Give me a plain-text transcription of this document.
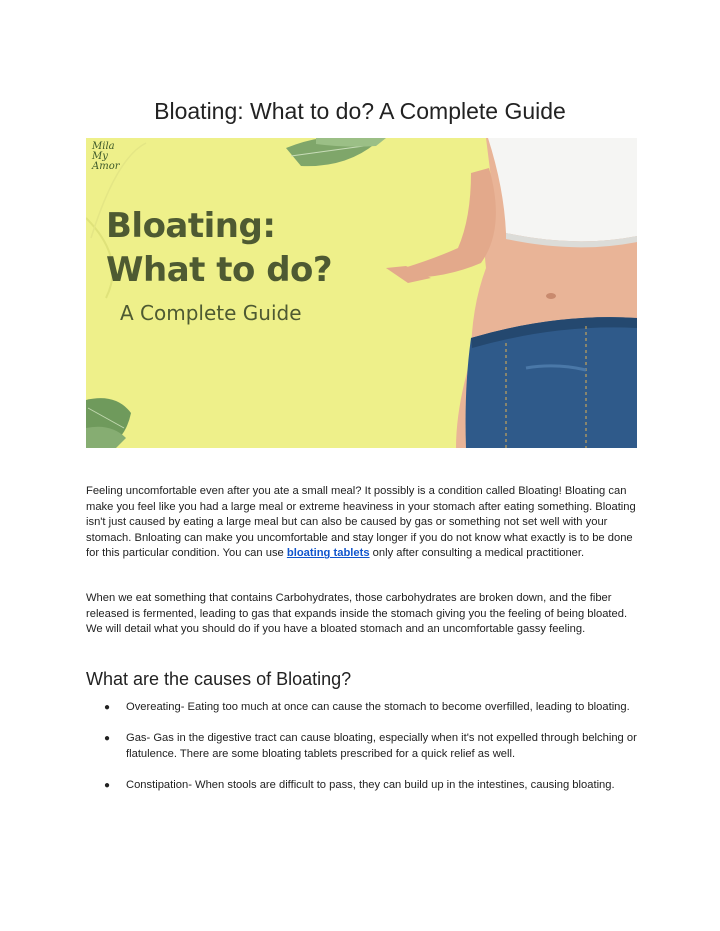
Bloating: What to do? A Complete Guide
Mila My Amor
Bloating:
What to do?
A Complete Guide

Feeling uncomfortable even after you ate a small meal? It possibly is a condition called Bloating! Bloating can make you feel like you had a large meal or extreme heaviness in your stomach after eating something. Bloating isn't just caused by eating a large meal but can also be caused by gas or something not set well with your stomach. Bnloating can make you uncomfortable and stay longer if you do not know what exactly is to be done for this particular condition. You can use bloating tablets only after consulting a medical practitioner.

When we eat something that contains Carbohydrates, those carbohydrates are broken down, and the fiber released is fermented, leading to gas that expands inside the stomach giving you the feeling of being bloated. We will detail what you should do if you have a bloated stomach and an uncomfortable gassy feeling.

What are the causes of Bloating?
● Overeating- Eating too much at once can cause the stomach to become overfilled, leading to bloating.
● Gas- Gas in the digestive tract can cause bloating, especially when it's not expelled through belching or flatulence. There are some bloating tablets prescribed for a quick relief as well.
● Constipation- When stools are difficult to pass, they can build up in the intestines, causing bloating.
